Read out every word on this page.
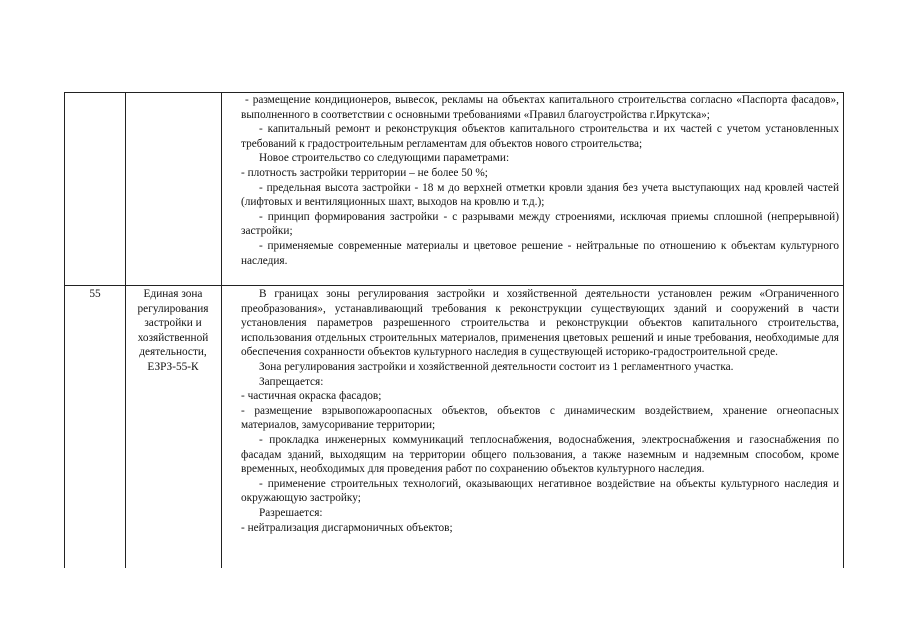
- размещение кондиционеров, вывесок, рекламы на объектах капитального строительства согласно «Паспорта фасадов», выполненного в соответствии с основными требованиями «Правил благоустройства г.Иркутска»;

- капитальный ремонт и реконструкция объектов капитального строительства и их частей с учетом установленных требований к градостроительным регламентам для объектов нового строительства;

Новое строительство со следующими параметрами:

- плотность застройки территории – не более 50 %;

- предельная высота застройки - 18 м до верхней отметки кровли здания без учета выступающих над кровлей частей (лифтовых и вентиляционных шахт, выходов на кровлю и т.д.);

- принцип формирования застройки - с разрывами между строениями, исключая приемы сплошной (непрерывной) застройки;

- применяемые современные материалы и цветовое решение - нейтральные по отношению к объектам культурного наследия.

55	Единая зона регулирования застройки и хозяйственной деятельности, ЕЗРЗ-55-К

В границах зоны регулирования застройки и хозяйственной деятельности установлен режим «Ограниченного преобразования», устанавливающий требования к реконструкции существующих зданий и сооружений в части установления параметров разрешенного строительства и реконструкции объектов капитального строительства, использования отдельных строительных материалов, применения цветовых решений и иные требования, необходимые для обеспечения сохранности объектов культурного наследия в существующей историко-градостроительной среде.

Зона регулирования застройки и хозяйственной деятельности состоит из 1 регламентного участка.

Запрещается:

- частичная окраска фасадов;

- размещение взрывопожароопасных объектов, объектов с динамическим воздействием, хранение огнеопасных материалов, замусоривание территории;

- прокладка инженерных коммуникаций теплоснабжения, водоснабжения, электроснабжения и газоснабжения по фасадам зданий, выходящим на территории общего пользования, а также наземным и надземным способом, кроме временных, необходимых для проведения работ по сохранению объектов культурного наследия.

- применение строительных технологий, оказывающих негативное воздействие на объекты культурного наследия и окружающую застройку;

Разрешается:

- нейтрализация дисгармоничных объектов;
